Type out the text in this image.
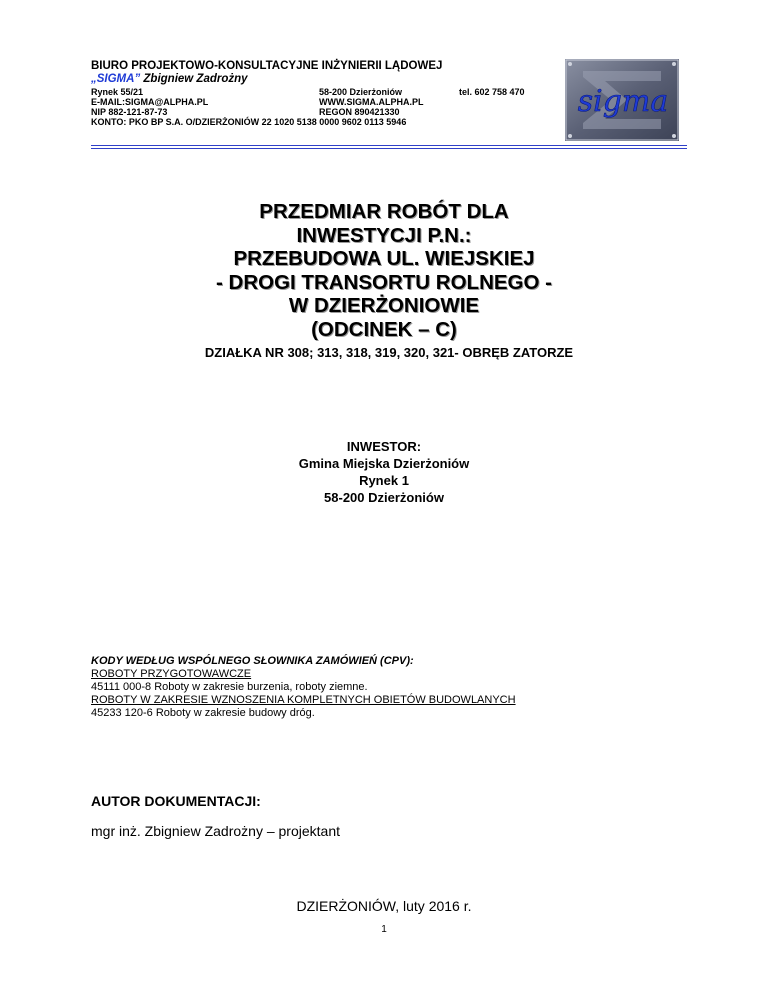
BIURO PROJEKTOWO-KONSULTACYJNE INŻYNIERII LĄDOWEJ
„SIGMA” Zbigniew Zadrożny
Rynek 55/21	58-200 Dzierżoniów	tel. 602 758 470
E-MAIL:SIGMA@ALPHA.PL	WWW.SIGMA.ALPHA.PL
NIP 882-121-87-73	REGON 890421330
KONTO: PKO BP S.A. O/DZIERŻONIÓW 22 1020 5138 0000 9602 0113 5946
sigma
PRZEDMIAR ROBÓT DLA
INWESTYCJI P.N.:
PRZEBUDOWA UL. WIEJSKIEJ
- DROGI TRANSORTU ROLNEGO -
W DZIERŻONIOWIE
(ODCINEK – C)
DZIAŁKA NR 308; 313, 318, 319, 320, 321- OBRĘB ZATORZE
INWESTOR:
Gmina Miejska Dzierżoniów
Rynek 1
58-200 Dzierżoniów
KODY WEDŁUG WSPÓLNEGO SŁOWNIKA ZAMÓWIEŃ (CPV):
ROBOTY PRZYGOTOWAWCZE
45111 000-8 Roboty w zakresie burzenia, roboty ziemne.
ROBOTY W ZAKRESIE WZNOSZENIA KOMPLETNYCH OBIETÓW BUDOWLANYCH
45233 120-6 Roboty w zakresie budowy dróg.
AUTOR DOKUMENTACJI:
mgr inż. Zbigniew Zadrożny – projektant
DZIERŻONIÓW, luty 2016 r.
1
